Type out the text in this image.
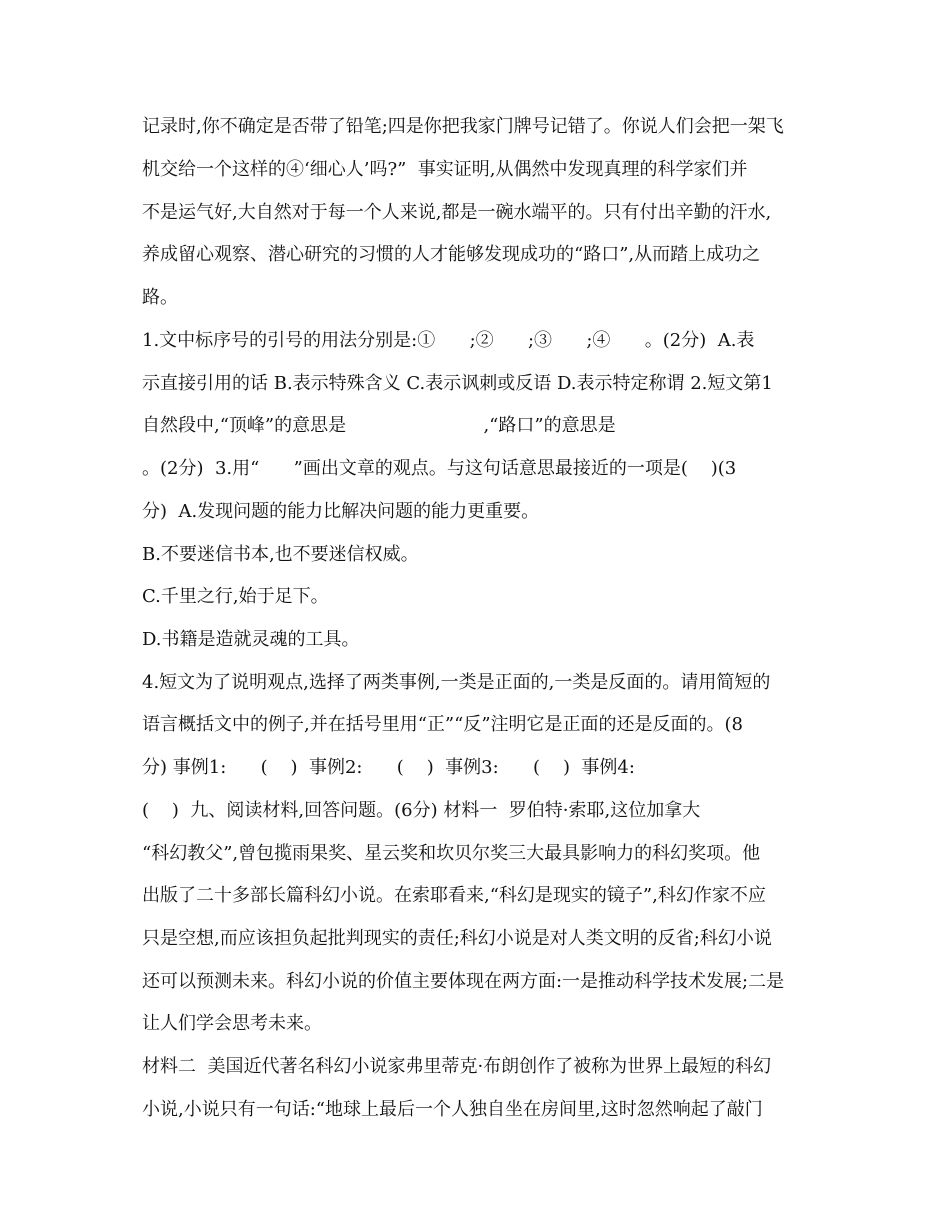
记录时,你不确定是否带了铅笔;四是你把我家门牌号记错了。你说人们会把一架飞
机交给一个这样的④‘细心人’吗?”  事实证明,从偶然中发现真理的科学家们并
不是运气好,大自然对于每一个人来说,都是一碗水端平的。只有付出辛勤的汗水,
养成留心观察、潜心研究的习惯的人才能够发现成功的“路口”,从而踏上成功之
路。
1.文中标序号的引号的用法分别是:①      ;②      ;③      ;④      。(2分)  A.表
示直接引用的话 B.表示特殊含义 C.表示讽刺或反语 D.表示特定称谓 2.短文第1
自然段中,“顶峰”的意思是                        ,“路口”的意思是
。(2分)  3.用“      ”画出文章的观点。与这句话意思最接近的一项是(    )(3
分)  A.发现问题的能力比解决问题的能力更重要。
B.不要迷信书本,也不要迷信权威。
C.千里之行,始于足下。
D.书籍是造就灵魂的工具。
4.短文为了说明观点,选择了两类事例,一类是正面的,一类是反面的。请用简短的
语言概括文中的例子,并在括号里用“正”“反”注明它是正面的还是反面的。(8
分) 事例1:      (    )  事例2:      (    )  事例3:      (    )  事例4:
(    )  九、阅读材料,回答问题。(6分) 材料一  罗伯特·索耶,这位加拿大
“科幻教父”,曾包揽雨果奖、星云奖和坎贝尔奖三大最具影响力的科幻奖项。他
出版了二十多部长篇科幻小说。在索耶看来,“科幻是现实的镜子”,科幻作家不应
只是空想,而应该担负起批判现实的责任;科幻小说是对人类文明的反省;科幻小说
还可以预测未来。科幻小说的价值主要体现在两方面:一是推动科学技术发展;二是
让人们学会思考未来。
材料二  美国近代著名科幻小说家弗里蒂克·布朗创作了被称为世界上最短的科幻
小说,小说只有一句话:“地球上最后一个人独自坐在房间里,这时忽然响起了敲门
